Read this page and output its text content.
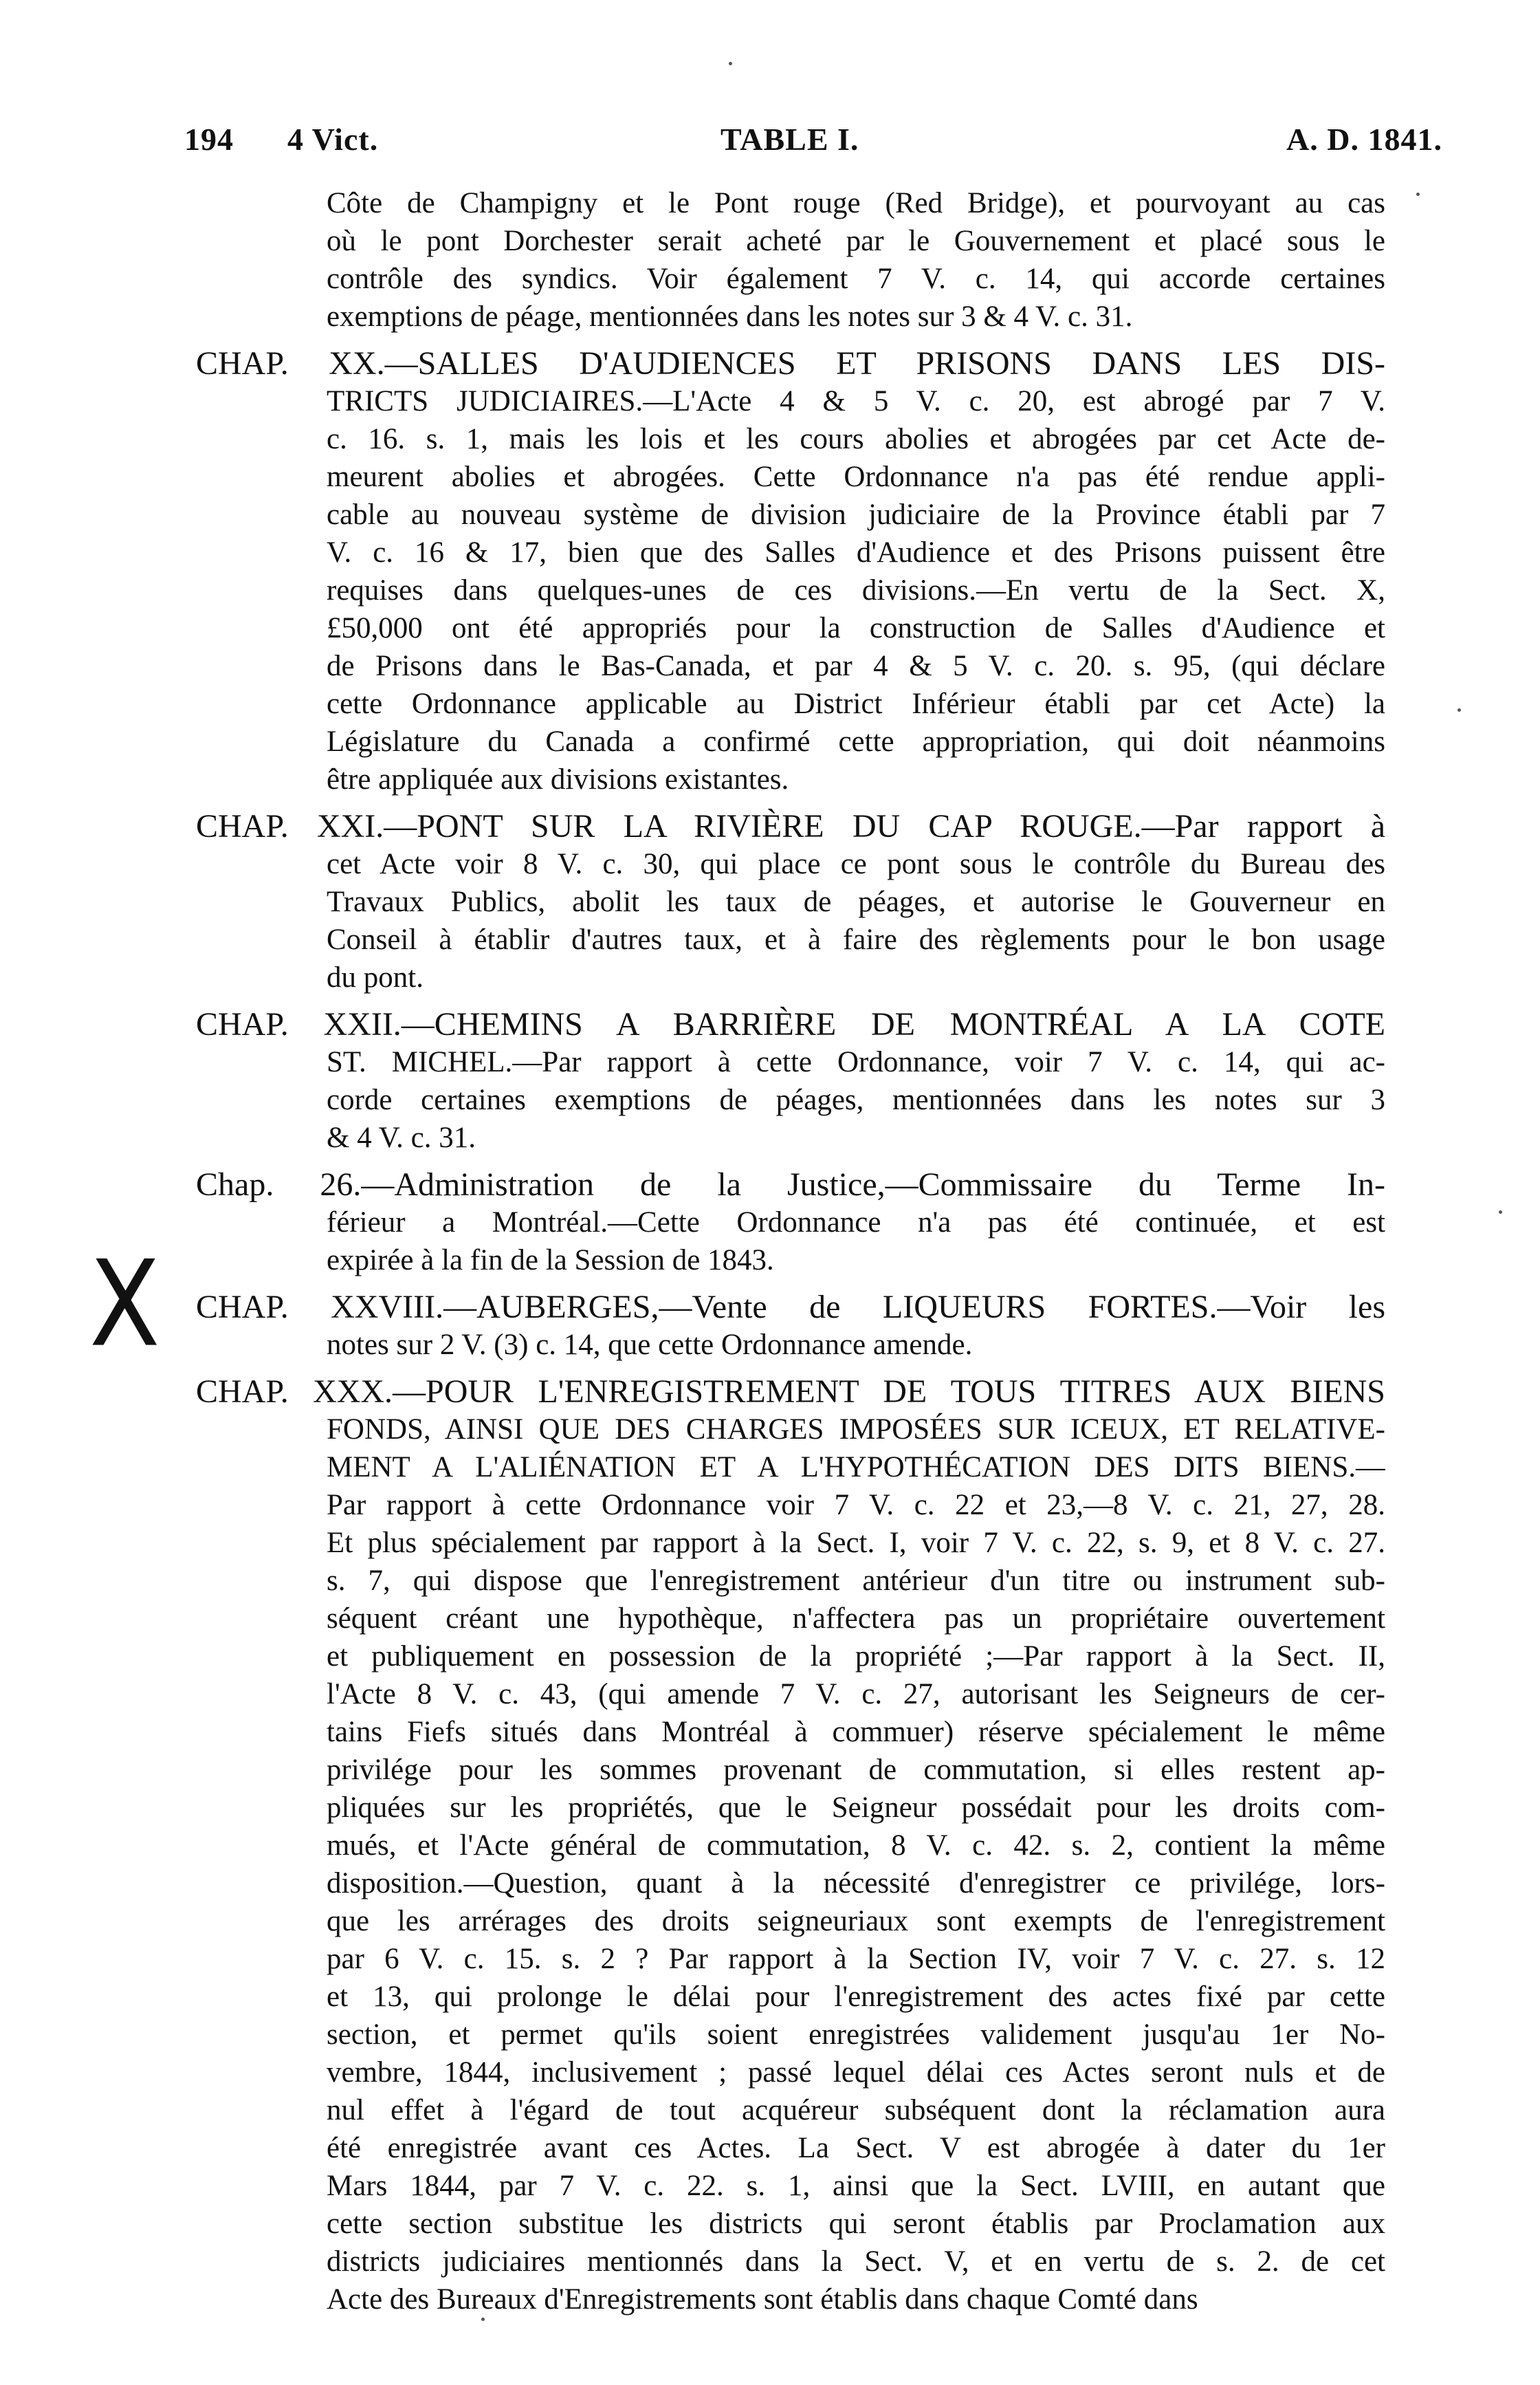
194 4 Vict.	TABLE I.	A. D. 1841.
X
Côte de Champigny et le Pont rouge (Red Bridge), et pourvoyant au cas
où le pont Dorchester serait acheté par le Gouvernement et placé sous le
contrôle des syndics. Voir également 7 V. c. 14, qui accorde certaines
exemptions de péage, mentionnées dans les notes sur 3 & 4 V. c. 31.
CHAP. XX.—SALLES D'AUDIENCES ET PRISONS DANS LES DIS-
TRICTS JUDICIAIRES.—L'Acte 4 & 5 V. c. 20, est abrogé par 7 V.
c. 16. s. 1, mais les lois et les cours abolies et abrogées par cet Acte de-
meurent abolies et abrogées. Cette Ordonnance n'a pas été rendue appli-
cable au nouveau système de division judiciaire de la Province établi par 7
V. c. 16 & 17, bien que des Salles d'Audience et des Prisons puissent être
requises dans quelques-unes de ces divisions.—En vertu de la Sect. X,
£50,000 ont été appropriés pour la construction de Salles d'Audience et
de Prisons dans le Bas-Canada, et par 4 & 5 V. c. 20. s. 95, (qui déclare
cette Ordonnance applicable au District Inférieur établi par cet Acte) la
Législature du Canada a confirmé cette appropriation, qui doit néanmoins
être appliquée aux divisions existantes.
CHAP. XXI.—PONT SUR LA RIVIÈRE DU CAP ROUGE.—Par rapport à
cet Acte voir 8 V. c. 30, qui place ce pont sous le contrôle du Bureau des
Travaux Publics, abolit les taux de péages, et autorise le Gouverneur en
Conseil à établir d'autres taux, et à faire des règlements pour le bon usage
du pont.
CHAP. XXII.—CHEMINS A BARRIÈRE DE MONTRÉAL A LA COTE
ST. MICHEL.—Par rapport à cette Ordonnance, voir 7 V. c. 14, qui ac-
corde certaines exemptions de péages, mentionnées dans les notes sur 3
& 4 V. c. 31.
Chap. 26.—Administration de la Justice,—Commissaire du Terme In-
férieur a Montréal.—Cette Ordonnance n'a pas été continuée, et est
expirée à la fin de la Session de 1843.
CHAP. XXVIII.—AUBERGES,—Vente de LIQUEURS FORTES.—Voir les
notes sur 2 V. (3) c. 14, que cette Ordonnance amende.
CHAP. XXX.—POUR L'ENREGISTREMENT DE TOUS TITRES AUX BIENS
FONDS, AINSI QUE DES CHARGES IMPOSÉES SUR ICEUX, ET RELATIVE-
MENT A L'ALIÉNATION ET A L'HYPOTHÉCATION DES DITS BIENS.—
Par rapport à cette Ordonnance voir 7 V. c. 22 et 23,—8 V. c. 21, 27, 28.
Et plus spécialement par rapport à la Sect. I, voir 7 V. c. 22, s. 9, et 8 V. c. 27.
s. 7, qui dispose que l'enregistrement antérieur d'un titre ou instrument sub-
séquent créant une hypothèque, n'affectera pas un propriétaire ouvertement
et publiquement en possession de la propriété ;—Par rapport à la Sect. II,
l'Acte 8 V. c. 43, (qui amende 7 V. c. 27, autorisant les Seigneurs de cer-
tains Fiefs situés dans Montréal à commuer) réserve spécialement le même
privilége pour les sommes provenant de commutation, si elles restent ap-
pliquées sur les propriétés, que le Seigneur possédait pour les droits com-
mués, et l'Acte général de commutation, 8 V. c. 42. s. 2, contient la même
disposition.—Question, quant à la nécessité d'enregistrer ce privilége, lors-
que les arrérages des droits seigneuriaux sont exempts de l'enregistrement
par 6 V. c. 15. s. 2 ? Par rapport à la Section IV, voir 7 V. c. 27. s. 12
et 13, qui prolonge le délai pour l'enregistrement des actes fixé par cette
section, et permet qu'ils soient enregistrées validement jusqu'au 1er No-
vembre, 1844, inclusivement ; passé lequel délai ces Actes seront nuls et de
nul effet à l'égard de tout acquéreur subséquent dont la réclamation aura
été enregistrée avant ces Actes. La Sect. V est abrogée à dater du 1er
Mars 1844, par 7 V. c. 22. s. 1, ainsi que la Sect. LVIII, en autant que
cette section substitue les districts qui seront établis par Proclamation aux
districts judiciaires mentionnés dans la Sect. V, et en vertu de s. 2. de cet
Acte des Bureaux d'Enregistrements sont établis dans chaque Comté dans
